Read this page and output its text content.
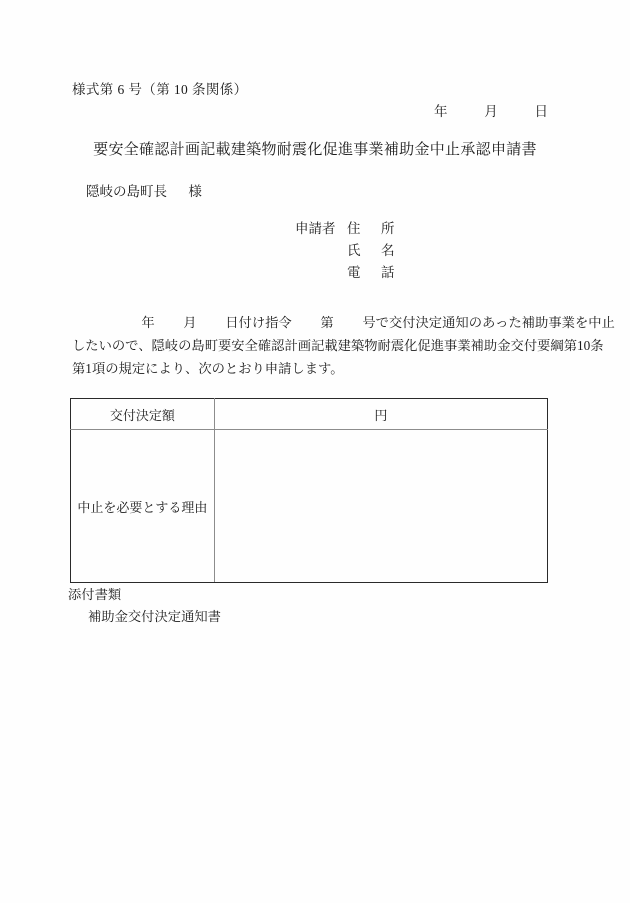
様式第 6 号（第 10 条関係）
年	月	日
要安全確認計画記載建築物耐震化促進事業補助金中止承認申請書
隠岐の島町長 様
申請者 住 所
氏 名
電 話
年 月 日付け指令 第 号で交付決定通知のあった補助事業を中止
したいので、隠岐の島町要安全確認計画記載建築物耐震化促進事業補助金交付要綱第10条
第1項の規定により、次のとおり申請します。
交付決定額	円
中止を必要とする理由	
添付書類
補助金交付決定通知書
